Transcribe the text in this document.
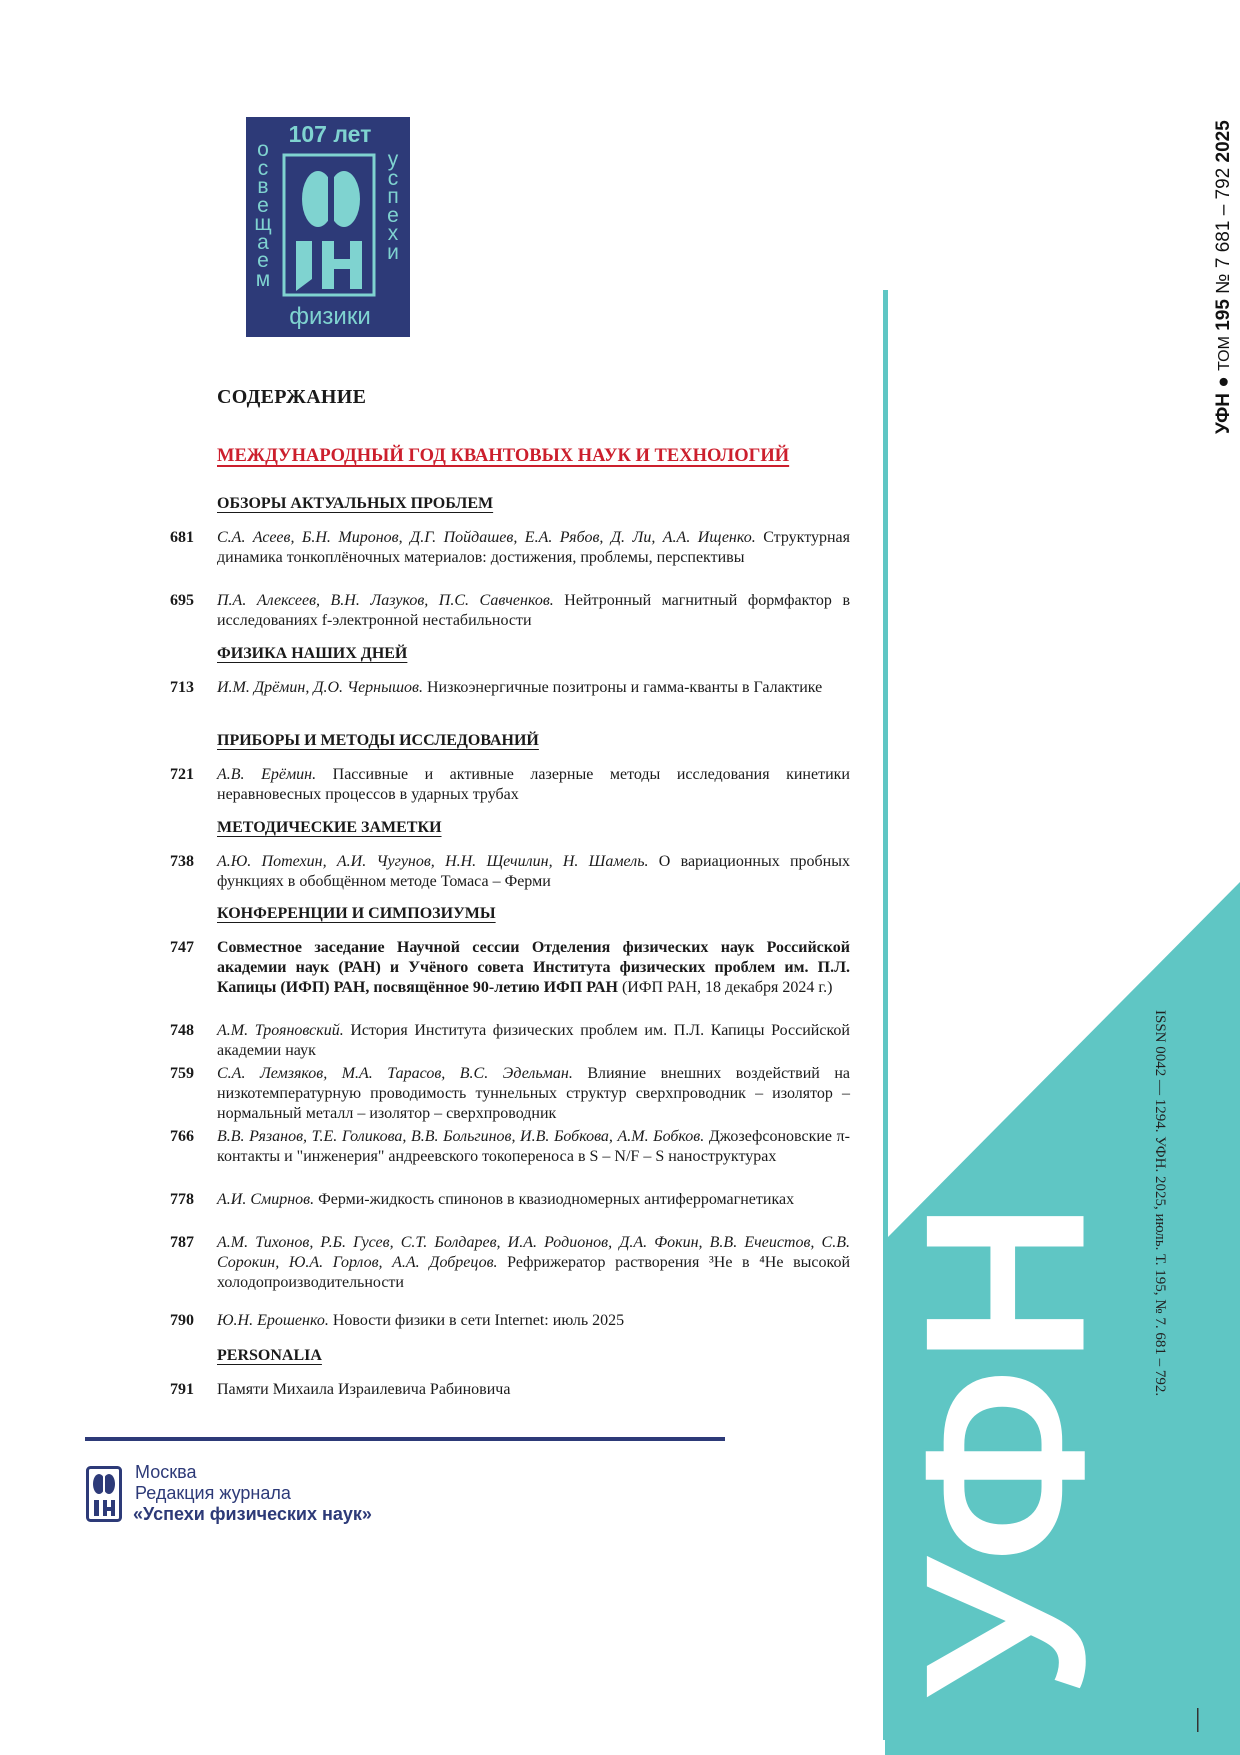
УФН
107 лет
о
с
в
е
щ
а
е
м
у
с
п
е
х
и
физики
СОДЕРЖАНИЕ
МЕЖДУНАРОДНЫЙ ГОД КВАНТОВЫХ НАУК И ТЕХНОЛОГИЙ
ОБЗОРЫ АКТУАЛЬНЫХ ПРОБЛЕМ
681	С.А. Асеев, Б.Н. Миронов, Д.Г. Пойдашев, Е.А. Рябов, Д. Ли, А.А. Ищенко. Структурная динамика тонкоплёночных материалов: достижения, проблемы, перспективы
695	П.А. Алексеев, В.Н. Лазуков, П.С. Савченков. Нейтронный магнитный формфактор в исследованиях f-электронной нестабильности
ФИЗИКА НАШИХ ДНЕЙ
713	И.М. Дрёмин, Д.О. Чернышов. Низкоэнергичные позитроны и гамма-кванты в Галактике
ПРИБОРЫ И МЕТОДЫ ИССЛЕДОВАНИЙ
721	А.В. Ерёмин. Пассивные и активные лазерные методы исследования кинетики неравновесных процессов в ударных трубах
МЕТОДИЧЕСКИЕ ЗАМЕТКИ
738	А.Ю. Потехин, А.И. Чугунов, Н.Н. Щечилин, Н. Шамель. О вариационных пробных функциях в обобщённом методе Томаса – Ферми
КОНФЕРЕНЦИИ И СИМПОЗИУМЫ
747	Совместное заседание Научной сессии Отделения физических наук Российской академии наук (РАН) и Учёного совета Института физических проблем им. П.Л. Капицы (ИФП) РАН, посвящённое 90-летию ИФП РАН (ИФП РАН, 18 декабря 2024 г.)
748	А.М. Трояновский. История Института физических проблем им. П.Л. Капицы Российской академии наук
759	С.А. Лемзяков, М.А. Тарасов, В.С. Эдельман. Влияние внешних воздействий на низкотемпературную проводимость туннельных структур сверхпроводник – изолятор – нормальный металл – изолятор – сверхпроводник
766	В.В. Рязанов, Т.Е. Голикова, В.В. Больгинов, И.В. Бобкова, А.М. Бобков. Джозефсоновские π-контакты и "инженерия" андреевского токопереноса в S – N/F – S наноструктурах
778	А.И. Смирнов. Ферми-жидкость спинонов в квазиодномерных антиферромагнетиках
787	А.М. Тихонов, Р.Б. Гусев, С.Т. Болдарев, И.А. Родионов, Д.А. Фокин, В.В. Ечеистов, С.В. Сорокин, Ю.А. Горлов, А.А. Добрецов. Рефрижератор растворения ³He в ⁴He высокой холодопроизводительности
790	Ю.Н. Ерошенко. Новости физики в сети Internet: июль 2025
PERSONALIA
791	Памяти Михаила Израилевича Рабиновича
Москва
Редакция журнала
«Успехи физических наук»
УФН ● ТОМ 195 № 7 681 – 792 2025
ISSN 0042 — 1294. УФН. 2025, июль. Т. 195, № 7. 681 – 792.
